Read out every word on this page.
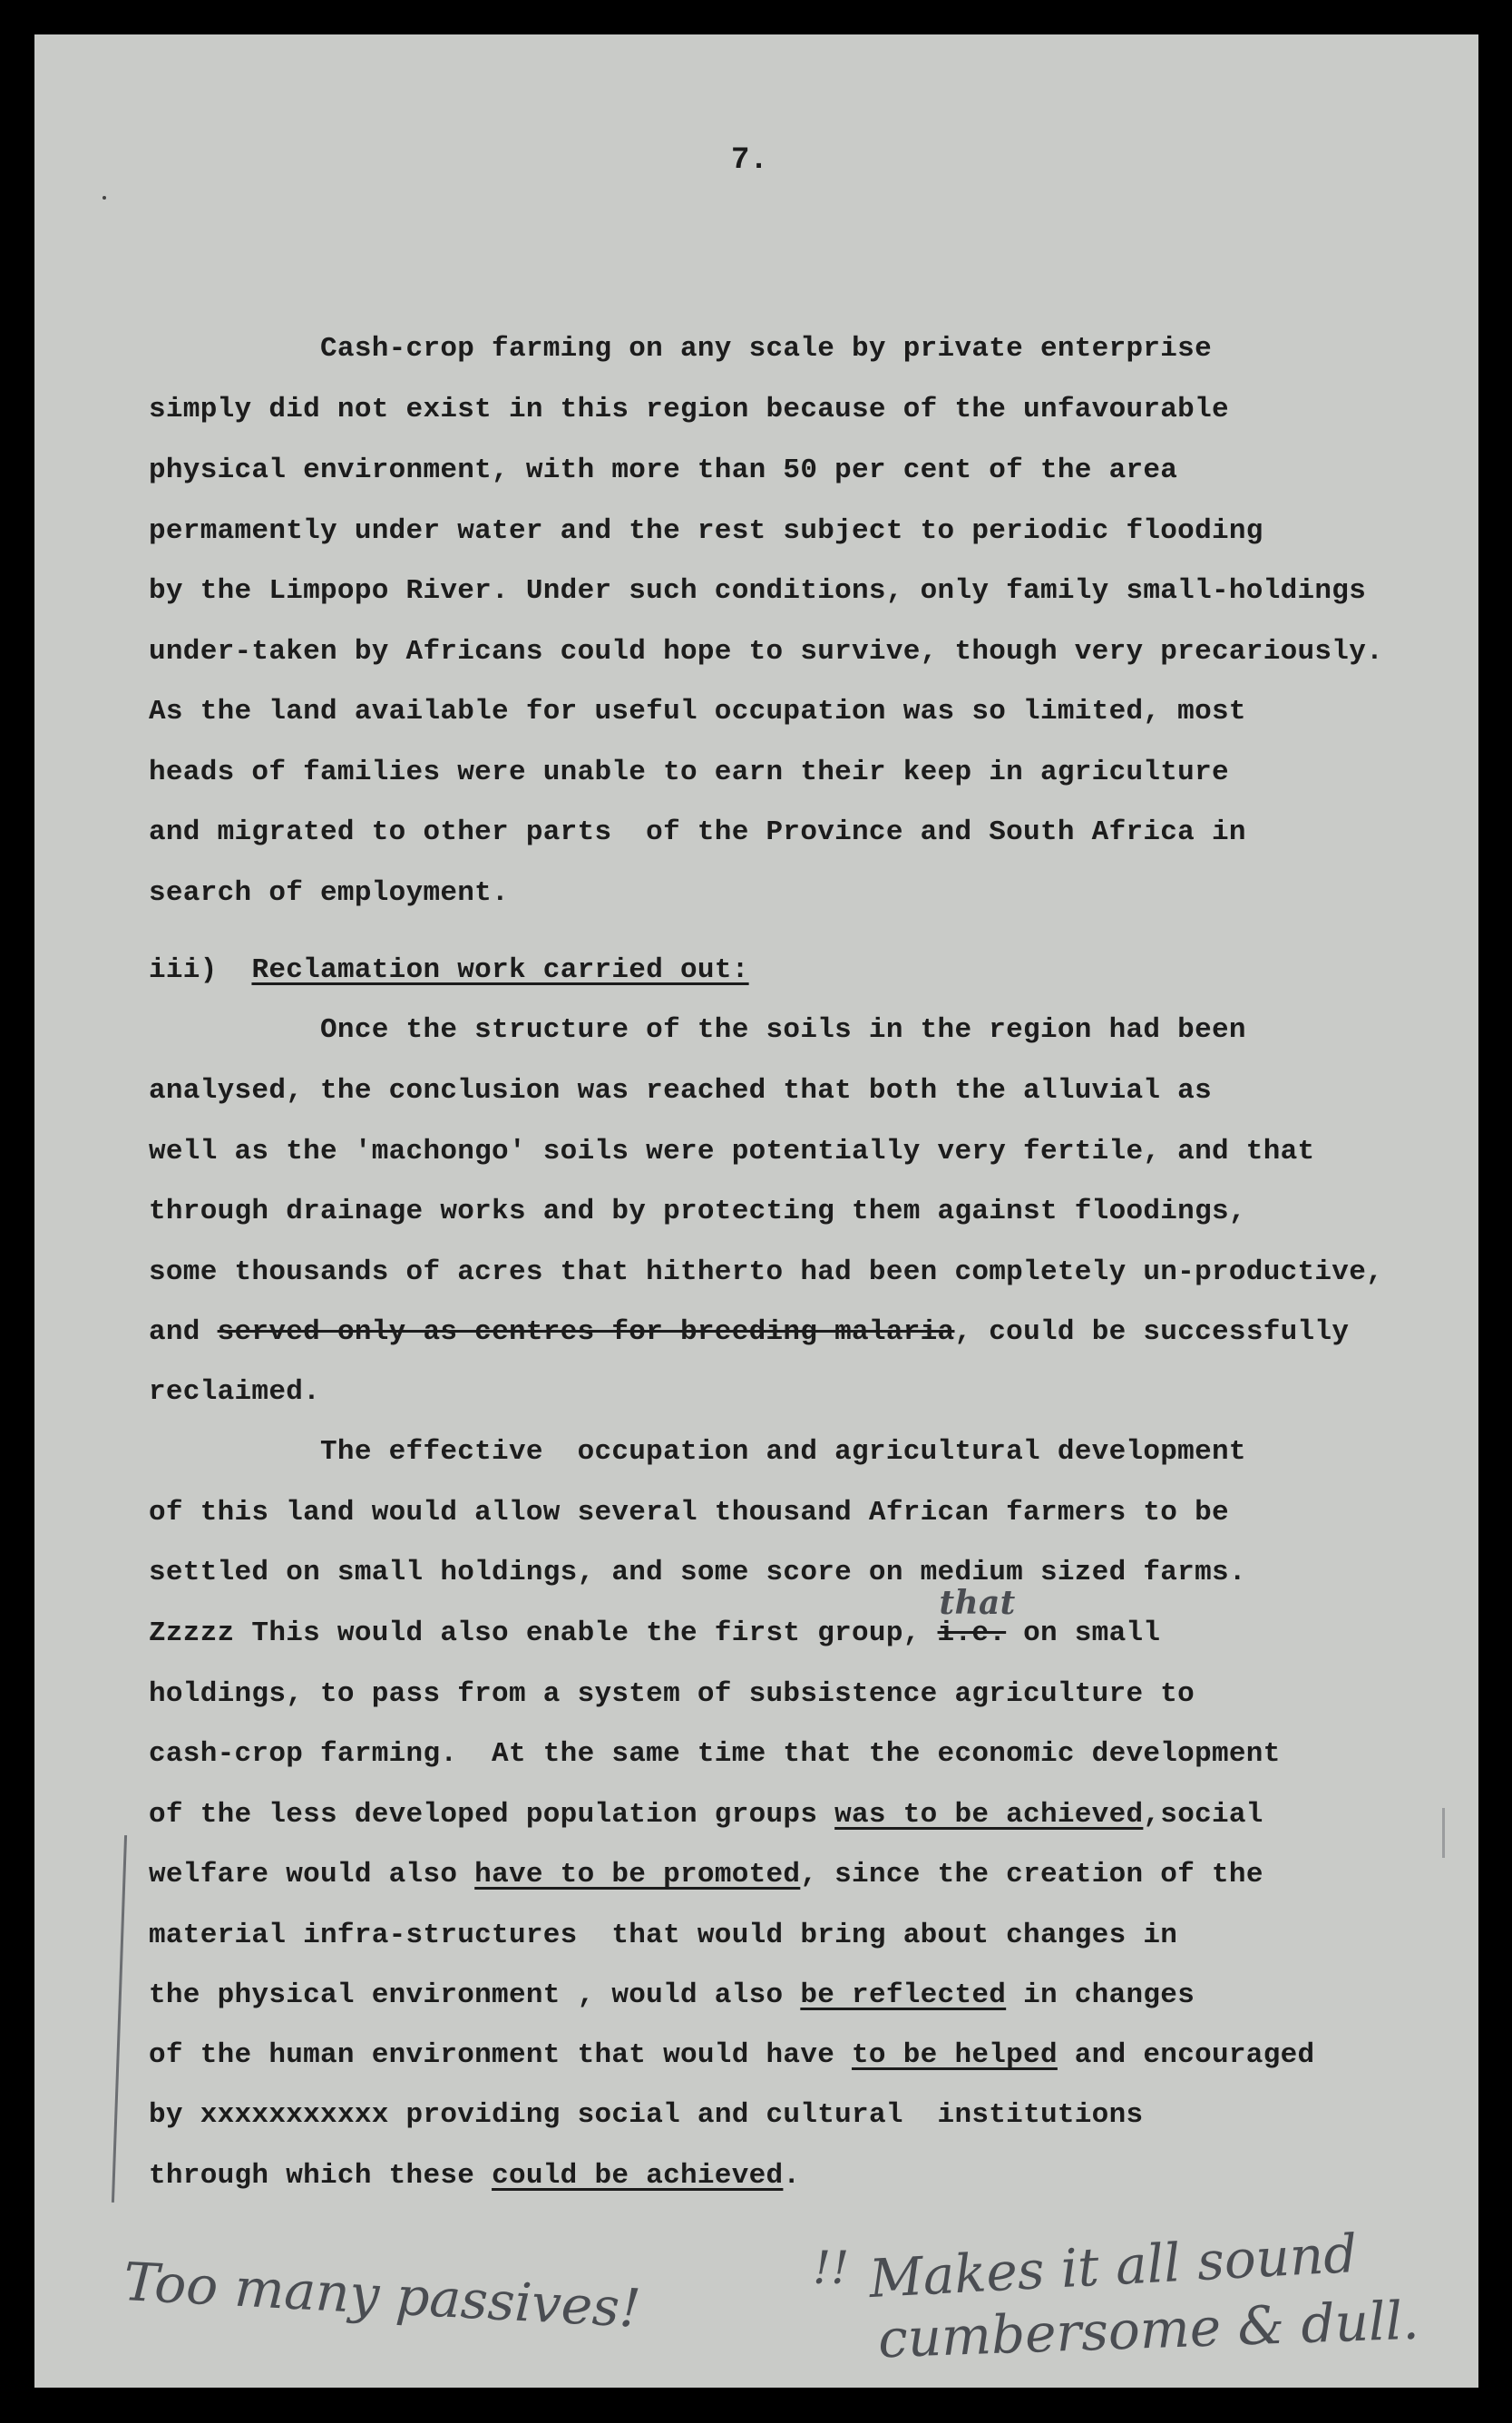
7.
Cash-crop farming on any scale by private enterprise
simply did not exist in this region because of the unfavourable
physical environment, with more than 50 per cent of the area
permamently under water and the rest subject to periodic flooding
by the Limpopo River. Under such conditions, only family small-holdings
under-taken by Africans could hope to survive, though very precariously.
As the land available for useful occupation was so limited, most
heads of families were unable to earn their keep in agriculture
and migrated to other parts  of the Province and South Africa in
search of employment.
iii) Reclamation work carried out:
Once the structure of the soils in the region had been
analysed, the conclusion was reached that both the alluvial as
well as the 'machongo' soils were potentially very fertile, and that
through drainage works and by protecting them against floodings,
some thousands of acres that hitherto had been completely un-productive,
and served only as centres for breeding malaria, could be successfully
reclaimed.
The effective  occupation and agricultural development
of this land would allow several thousand African farmers to be
settled on small holdings, and some score on medium sized farms.
Zzzzz This would also enable the first group, i.e.
that
on small
holdings, to pass from a system of subsistence agriculture to
cash-crop farming.  At the same time that the economic development
of the less developed population groups was to be achieved,social
welfare would also have to be promoted, since the creation of the
material infra-structures  that would bring about changes in
the physical environment , would also be reflected in changes
of the human environment that would have to be helped and encouraged
by xxxxxxxxxxx providing social and cultural  institutions
through which these could be achieved.
Too many passives!	!! Makes it all sound
cumbersome & dull.
